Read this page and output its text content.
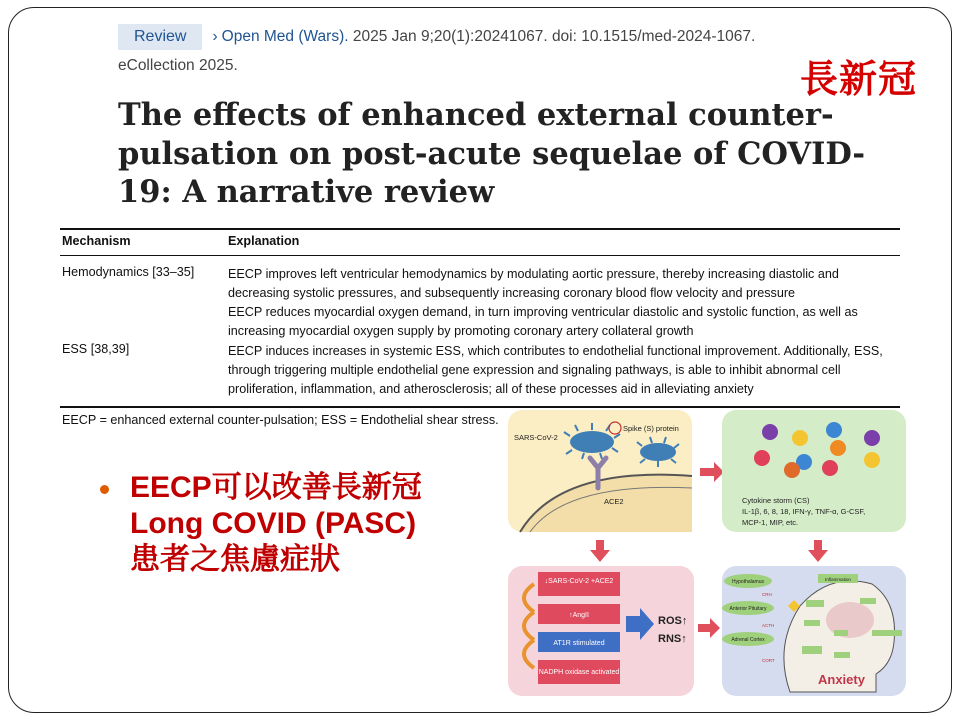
Review › Open Med (Wars). 2025 Jan 9;20(1):20241067. doi: 10.1515/med-2024-1067.

eCollection 2025.	長新冠
The effects of enhanced external counter-pulsation on post-acute sequelae of COVID-19: A narrative review
Mechanism	Explanation
Hemodynamics [33–35]	EECP improves left ventricular hemodynamics by modulating aortic pressure, thereby increasing diastolic and
decreasing systolic pressures, and subsequently increasing coronary blood flow velocity and pressure
EECP reduces myocardial oxygen demand, in turn improving ventricular diastolic and systolic function, as well as
increasing myocardial oxygen supply by promoting coronary artery collateral growth
ESS [38,39]	EECP induces increases in systemic ESS, which contributes to endothelial functional improvement. Additionally, ESS,
through triggering multiple endothelial gene expression and signaling pathways, is able to inhibit abnormal cell
proliferation, inflammation, and atherosclerosis; all of these processes aid in alleviating anxiety
EECP = enhanced external counter-pulsation; ESS = Endothelial shear stress.
EECP可以改善長新冠
Long COVID (PASC)
患者之焦慮症狀
SARS-CoV-2
Spike (S) protein
ACE2	Cytokine storm (CS)
IL-1β, 6, 8, 18, IFN-γ, TNF-α, G-CSF,
MCP-1, MIP, etc.
↓SARS-CoV-2 +ACE2
↑AngII
AT1R stimulated
NADPH oxidase activated
ROS↑
RNS↑
Hypothalamus
Anterior Pituitary
Adrenal Cortex
CRH
ACTH
CORT
Inflammation
Anxiety
